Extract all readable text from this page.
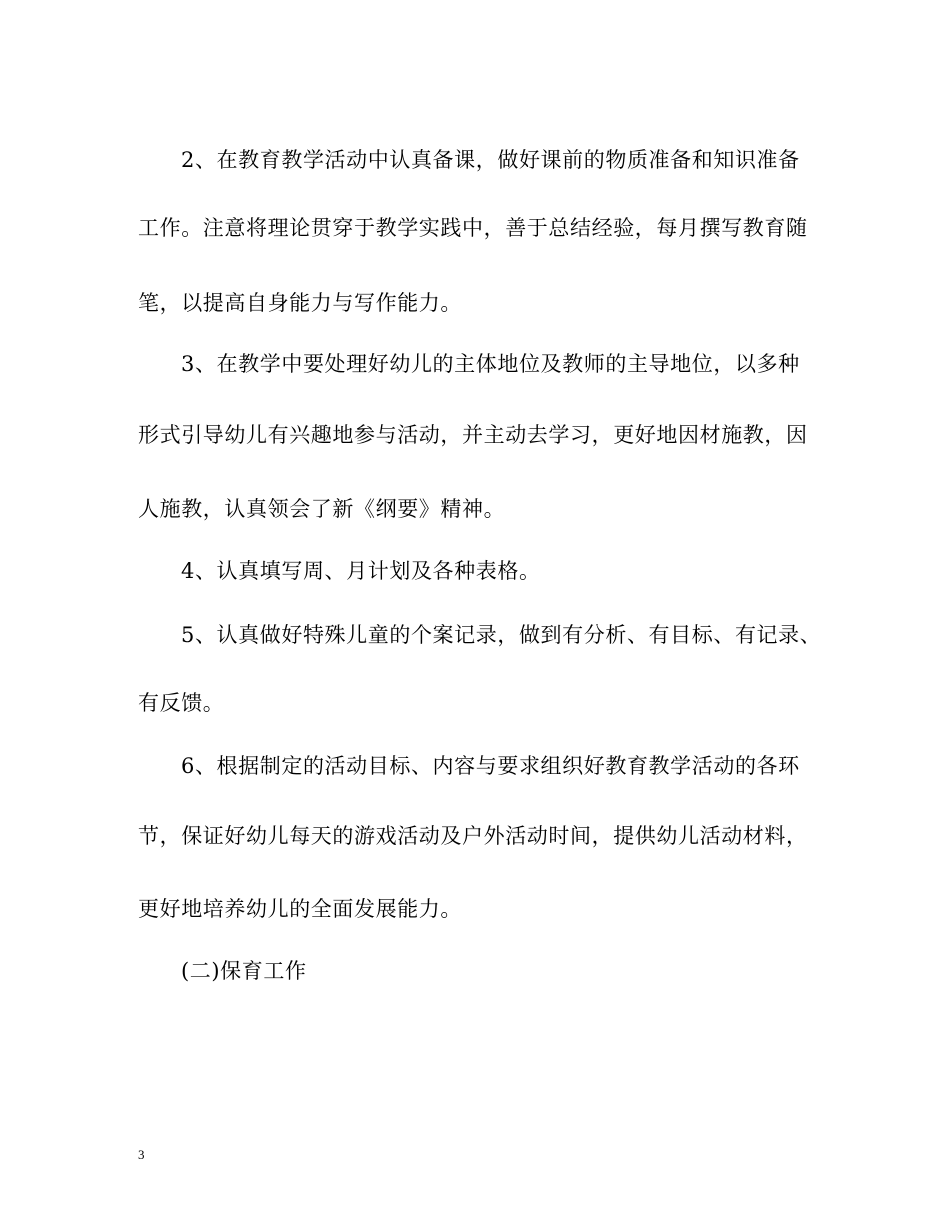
2、在教育教学活动中认真备课，做好课前的物质准备和知识准备
工作。注意将理论贯穿于教学实践中，善于总结经验，每月撰写教育随
笔，以提高自身能力与写作能力。
3、在教学中要处理好幼儿的主体地位及教师的主导地位，以多种
形式引导幼儿有兴趣地参与活动，并主动去学习，更好地因材施教，因
人施教，认真领会了新《纲要》精神。
4、认真填写周、月计划及各种表格。
5、认真做好特殊儿童的个案记录，做到有分析、有目标、有记录、
有反馈。
6、根据制定的活动目标、内容与要求组织好教育教学活动的各环
节，保证好幼儿每天的游戏活动及户外活动时间，提供幼儿活动材料，
更好地培养幼儿的全面发展能力。
(二)保育工作
3
